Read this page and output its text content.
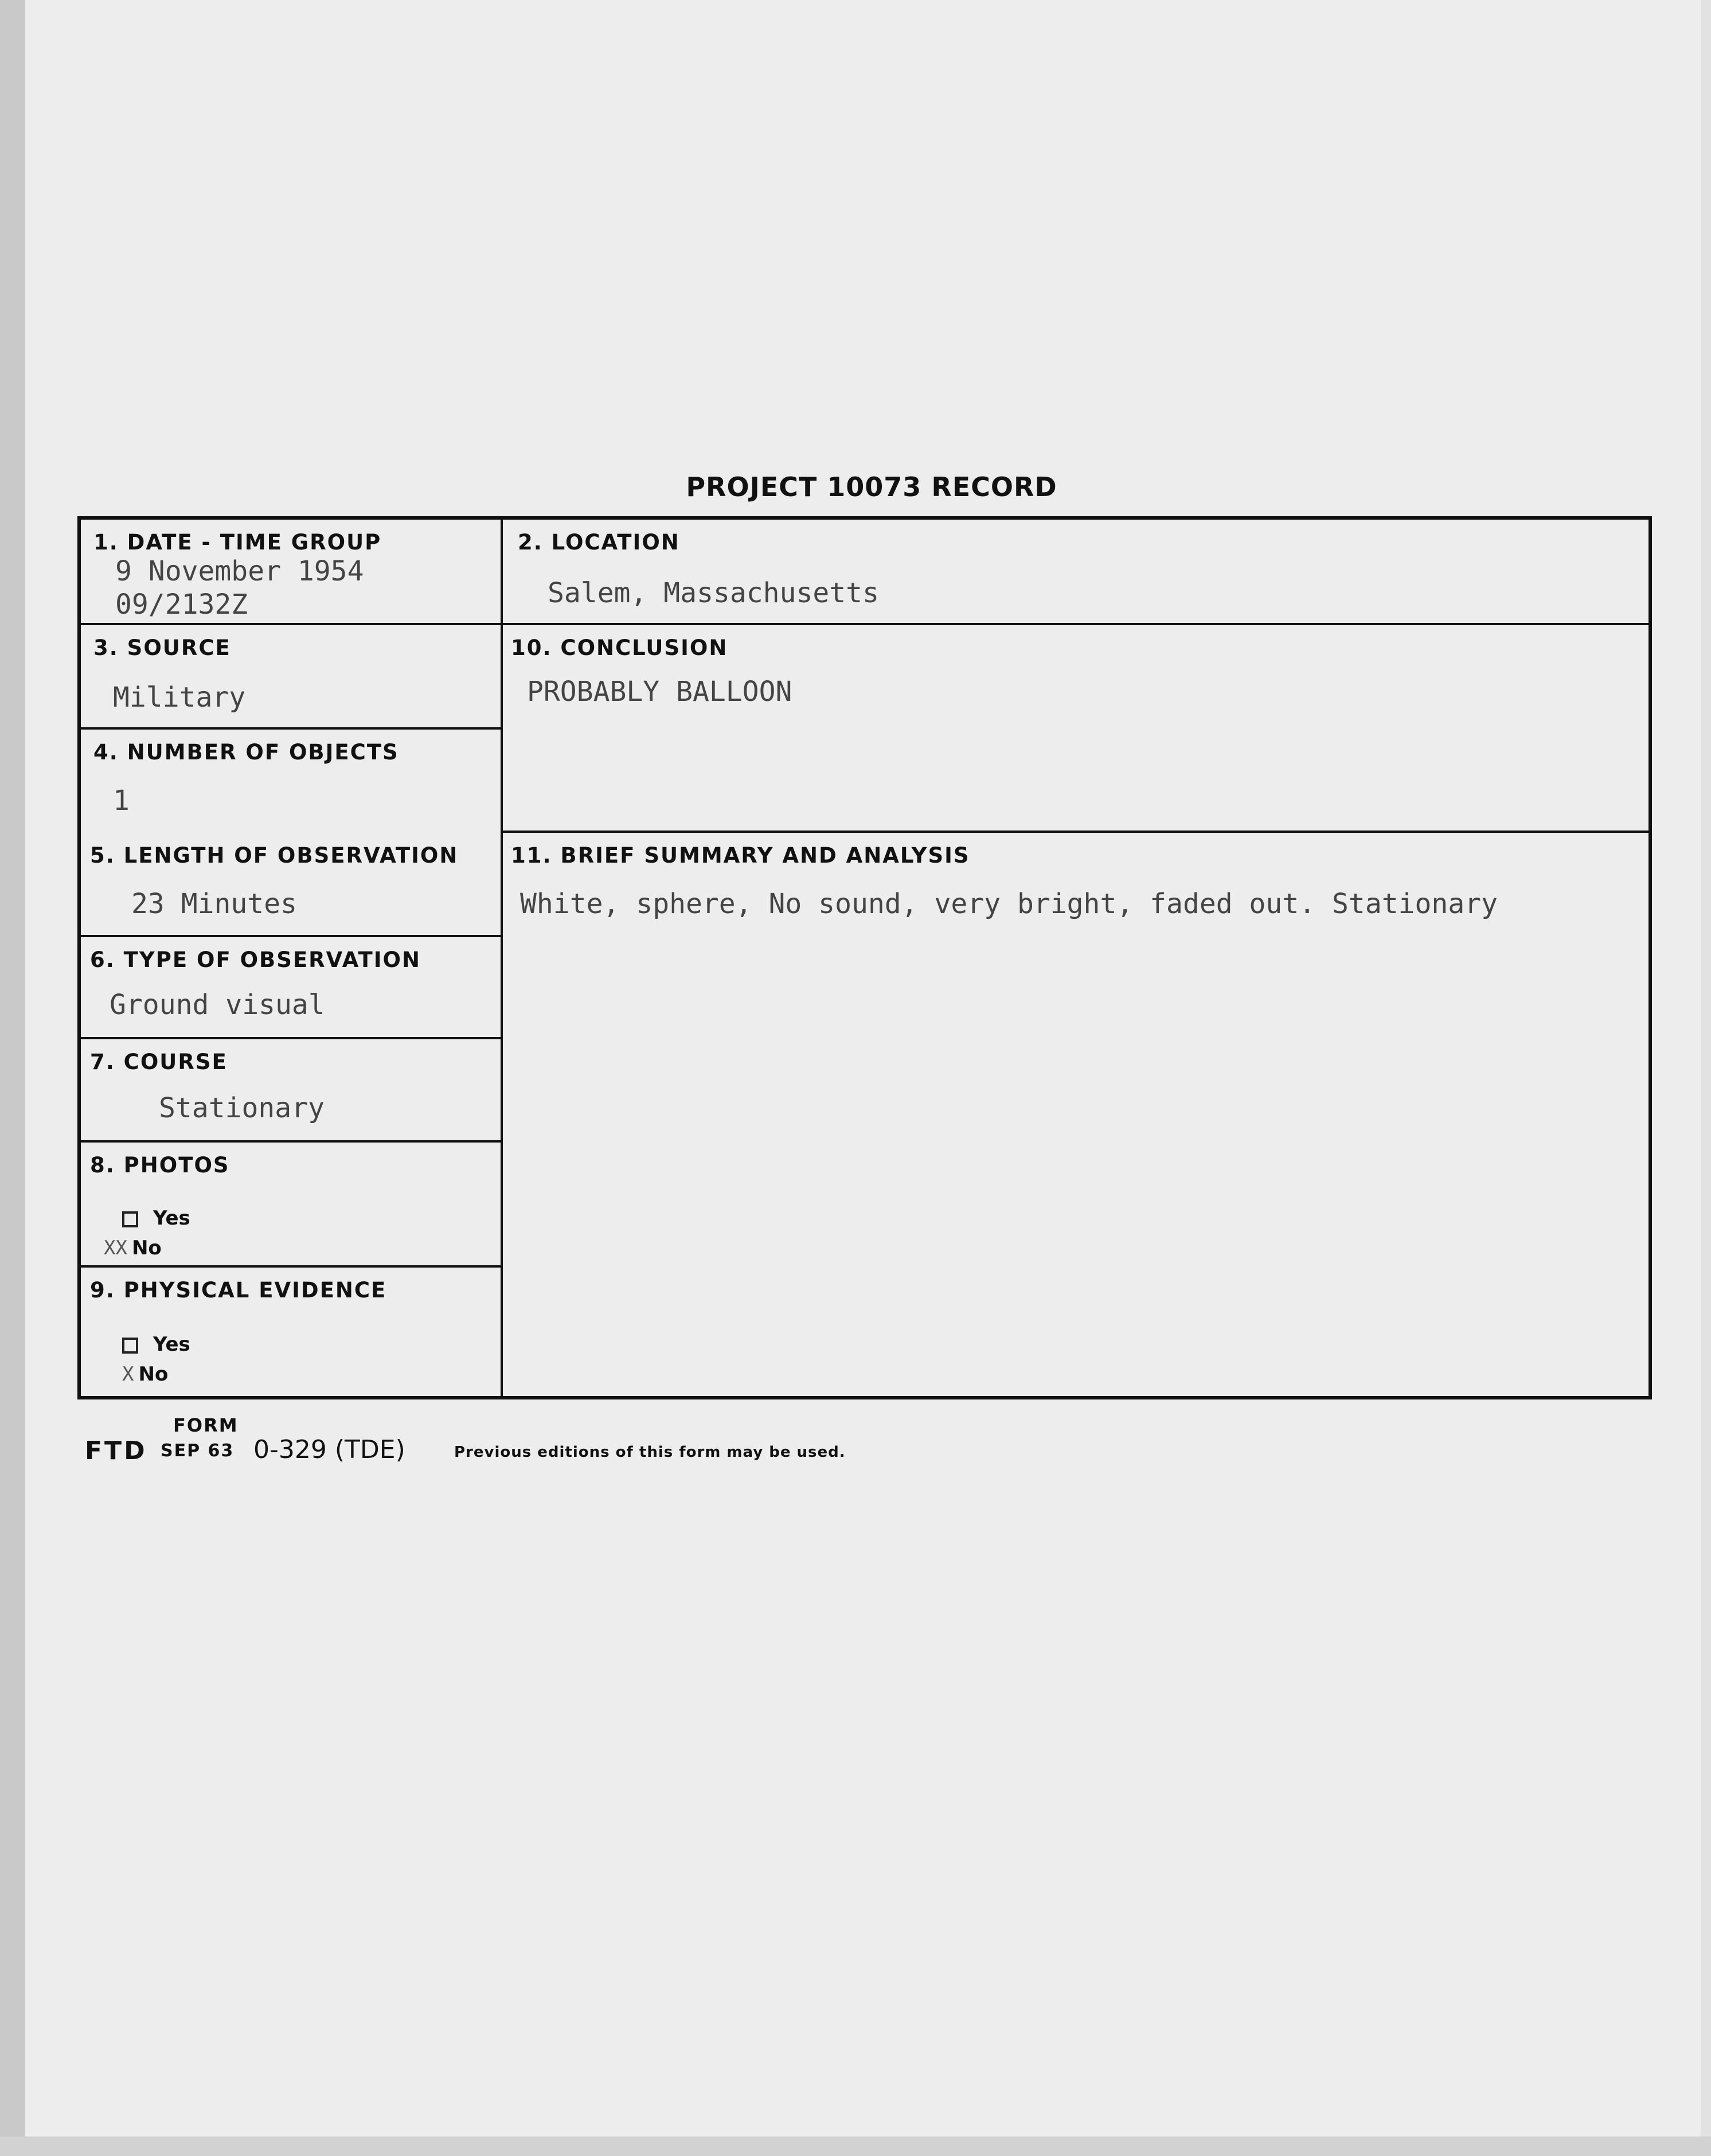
PROJECT 10073 RECORD
1. DATE - TIME GROUP
9 November 1954
09/2132Z
2. LOCATION
Salem, Massachusetts
3. SOURCE
Military
4. NUMBER OF OBJECTS
1
10. CONCLUSION
PROBABLY BALLOON
5. LENGTH OF OBSERVATION
23 Minutes
6. TYPE OF OBSERVATION
Ground visual
7. COURSE
Stationary
8. PHOTOS
Yes
XX No
9. PHYSICAL EVIDENCE
Yes
X No
11. BRIEF SUMMARY AND ANALYSIS
White, sphere, No sound, very bright, faded out. Stationary
FORM
FTD SEP 63 0-329 (TDE)	Previous editions of this form may be used.
